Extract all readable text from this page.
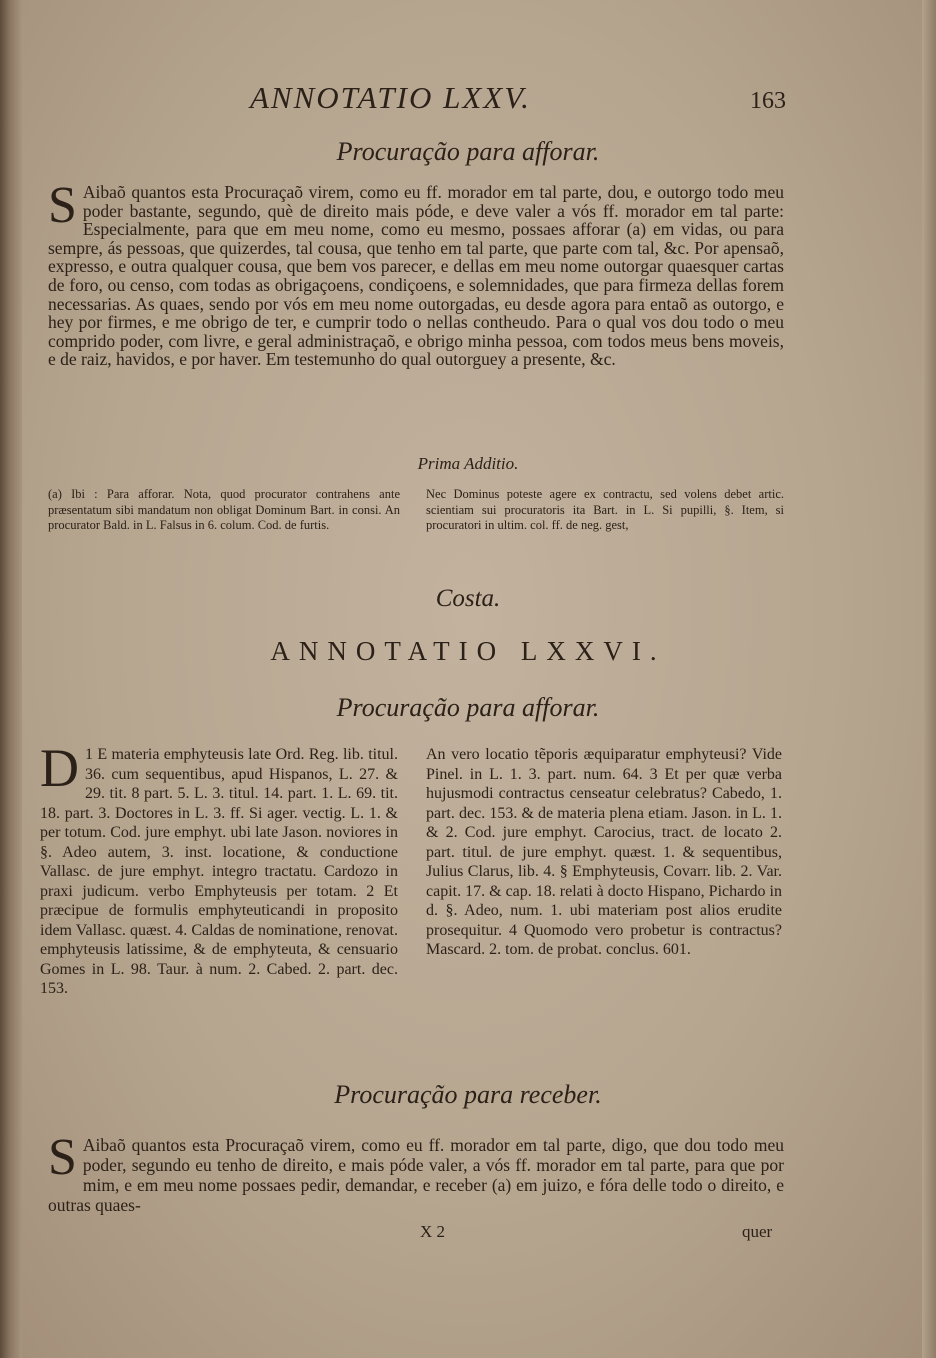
ANNOTATIO LXXV.	163
Procuração para afforar.
S Aibaõ quantos esta Procuraçaõ virem, como eu ff. morador em tal parte, dou, e outorgo todo meu poder bastante, segundo, què de direito mais póde, e deve valer a vós ff. morador em tal parte: Especialmente, para que em meu nome, como eu mesmo, possaes afforar (a) em vidas, ou para sempre, ás pessoas, que quizerdes, tal cousa, que tenho em tal parte, que parte com tal, &c. Por apensaõ, expresso, e outra qualquer cousa, que bem vos parecer, e dellas em meu nome outorgar quaesquer cartas de foro, ou censo, com todas as obrigaçoens, condiçoens, e solemnidades, que para firmeza dellas forem necessarias. As quaes, sendo por vós em meu nome outorgadas, eu desde agora para entaõ as outorgo, e hey por firmes, e me obrigo de ter, e cumprir todo o nellas contheudo. Para o qual vos dou todo o meu comprido poder, com livre, e geral administraçaõ, e obrigo minha pessoa, com todos meus bens moveis, e de raiz, havidos, e por haver. Em testemunho do qual outorguey a presente, &c.
Prima Additio.
(a) Ibi : Para afforar. Nota, quod procurator contrahens ante præsentatum sibi mandatum non obligat Dominum Bart. in consi. An procurator Bald. in L. Falsus in 6. colum. Cod. de furtis.
Nec Dominus poteste agere ex contractu, sed volens debet artic. scientiam sui procuratoris ita Bart. in L. Si pupilli, §. Item, si procuratori in ultim. col. ff. de neg. gest,
Costa.
ANNOTATIO LXXVI.
Procuração para afforar.
D 1 E materia emphyteusis late Ord. Reg. lib. titul. 36. cum sequentibus, apud Hispanos, L. 27. & 29. tit. 8 part. 5. L. 3. titul. 14. part. 1. L. 69. tit. 18. part. 3. Doctores in L. 3. ff. Si ager. vectig. L. 1. & per totum. Cod. jure emphyt. ubi late Jason. noviores in §. Adeo autem, 3. inst. locatione, & conductione Vallasc. de jure emphyt. integro tractatu. Cardozo in praxi judicum. verbo Emphyteusis per totam. 2 Et præcipue de formulis emphyteuticandi in proposito idem Vallasc. quæst. 4. Caldas de nominatione, renovat. emphyteusis latissime, & de emphyteuta, & censuario Gomes in L. 98. Taur. à num. 2. Cabed. 2. part. dec. 153.
An vero locatio tẽporis æquiparatur emphyteusi? Vide Pinel. in L. 1. 3. part. num. 64. 3 Et per quæ verba hujusmodi contractus censeatur celebratus? Cabedo, 1. part. dec. 153. & de materia plena etiam. Jason. in L. 1. & 2. Cod. jure emphyt. Carocius, tract. de locato 2. part. titul. de jure emphyt. quæst. 1. & sequentibus, Julius Clarus, lib. 4. § Emphyteusis, Covarr. lib. 2. Var. capit. 17. & cap. 18. relati à docto Hispano, Pichardo in d. §. Adeo, num. 1. ubi materiam post alios erudite prosequitur. 4 Quomodo vero probetur is contractus? Mascard. 2. tom. de probat. conclus. 601.
Procuração para receber.
S Aibaõ quantos esta Procuraçaõ virem, como eu ff. morador em tal parte, digo, que dou todo meu poder, segundo eu tenho de direito, e mais póde valer, a vós ff. morador em tal parte, para que por mim, e em meu nome possaes pedir, demandar, e receber (a) em juizo, e fóra delle todo o direito, e outras quaes-
X 2	quer
